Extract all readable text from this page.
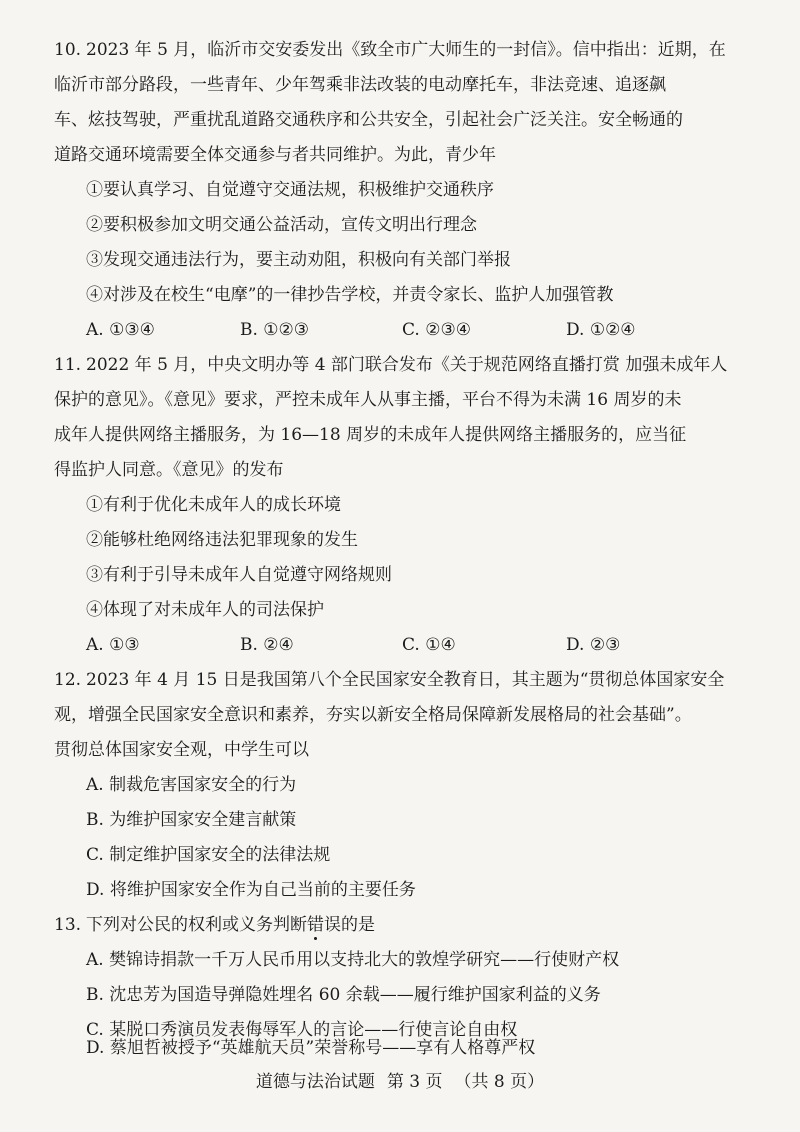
10. 2023 年 5 月，临沂市交安委发出《致全市广大师生的一封信》。信中指出：近期，在

临沂市部分路段，一些青年、少年驾乘非法改装的电动摩托车，非法竞速、追逐飙

车、炫技驾驶，严重扰乱道路交通秩序和公共安全，引起社会广泛关注。安全畅通的

道路交通环境需要全体交通参与者共同维护。为此，青少年

①要认真学习、自觉遵守交通法规，积极维护交通秩序

②要积极参加文明交通公益活动，宣传文明出行理念

③发现交通违法行为，要主动劝阻，积极向有关部门举报

④对涉及在校生“电摩”的一律抄告学校，并责令家长、监护人加强管教

A. ①③④	B. ①②③	C. ②③④	D. ①②④
11. 2022 年 5 月，中央文明办等 4 部门联合发布《关于规范网络直播打赏 加强未成年人

保护的意见》。《意见》要求，严控未成年人从事主播，平台不得为未满 16 周岁的未

成年人提供网络主播服务，为 16—18 周岁的未成年人提供网络主播服务的，应当征

得监护人同意。《意见》的发布

①有利于优化未成年人的成长环境

②能够杜绝网络违法犯罪现象的发生

③有利于引导未成年人自觉遵守网络规则

④体现了对未成年人的司法保护

A. ①③	B. ②④	C. ①④	D. ②③
12. 2023 年 4 月 15 日是我国第八个全民国家安全教育日，其主题为“贯彻总体国家安全

观，增强全民国家安全意识和素养，夯实以新安全格局保障新发展格局的社会基础”。

贯彻总体国家安全观，中学生可以

A. 制裁危害国家安全的行为

B. 为维护国家安全建言献策

C. 制定维护国家安全的法律法规

D. 将维护国家安全作为自己当前的主要任务

13. 下列对公民的权利或义务判断错误的是

A. 樊锦诗捐款一千万人民币用以支持北大的敦煌学研究——行使财产权

B. 沈忠芳为国造导弹隐姓埋名 60 余载——履行维护国家利益的义务

C. 某脱口秀演员发表侮辱军人的言论——行使言论自由权

D. 蔡旭哲被授予“英雄航天员”荣誉称号——享有人格尊严权

道德与法治试题 第 3 页 （共 8 页）
